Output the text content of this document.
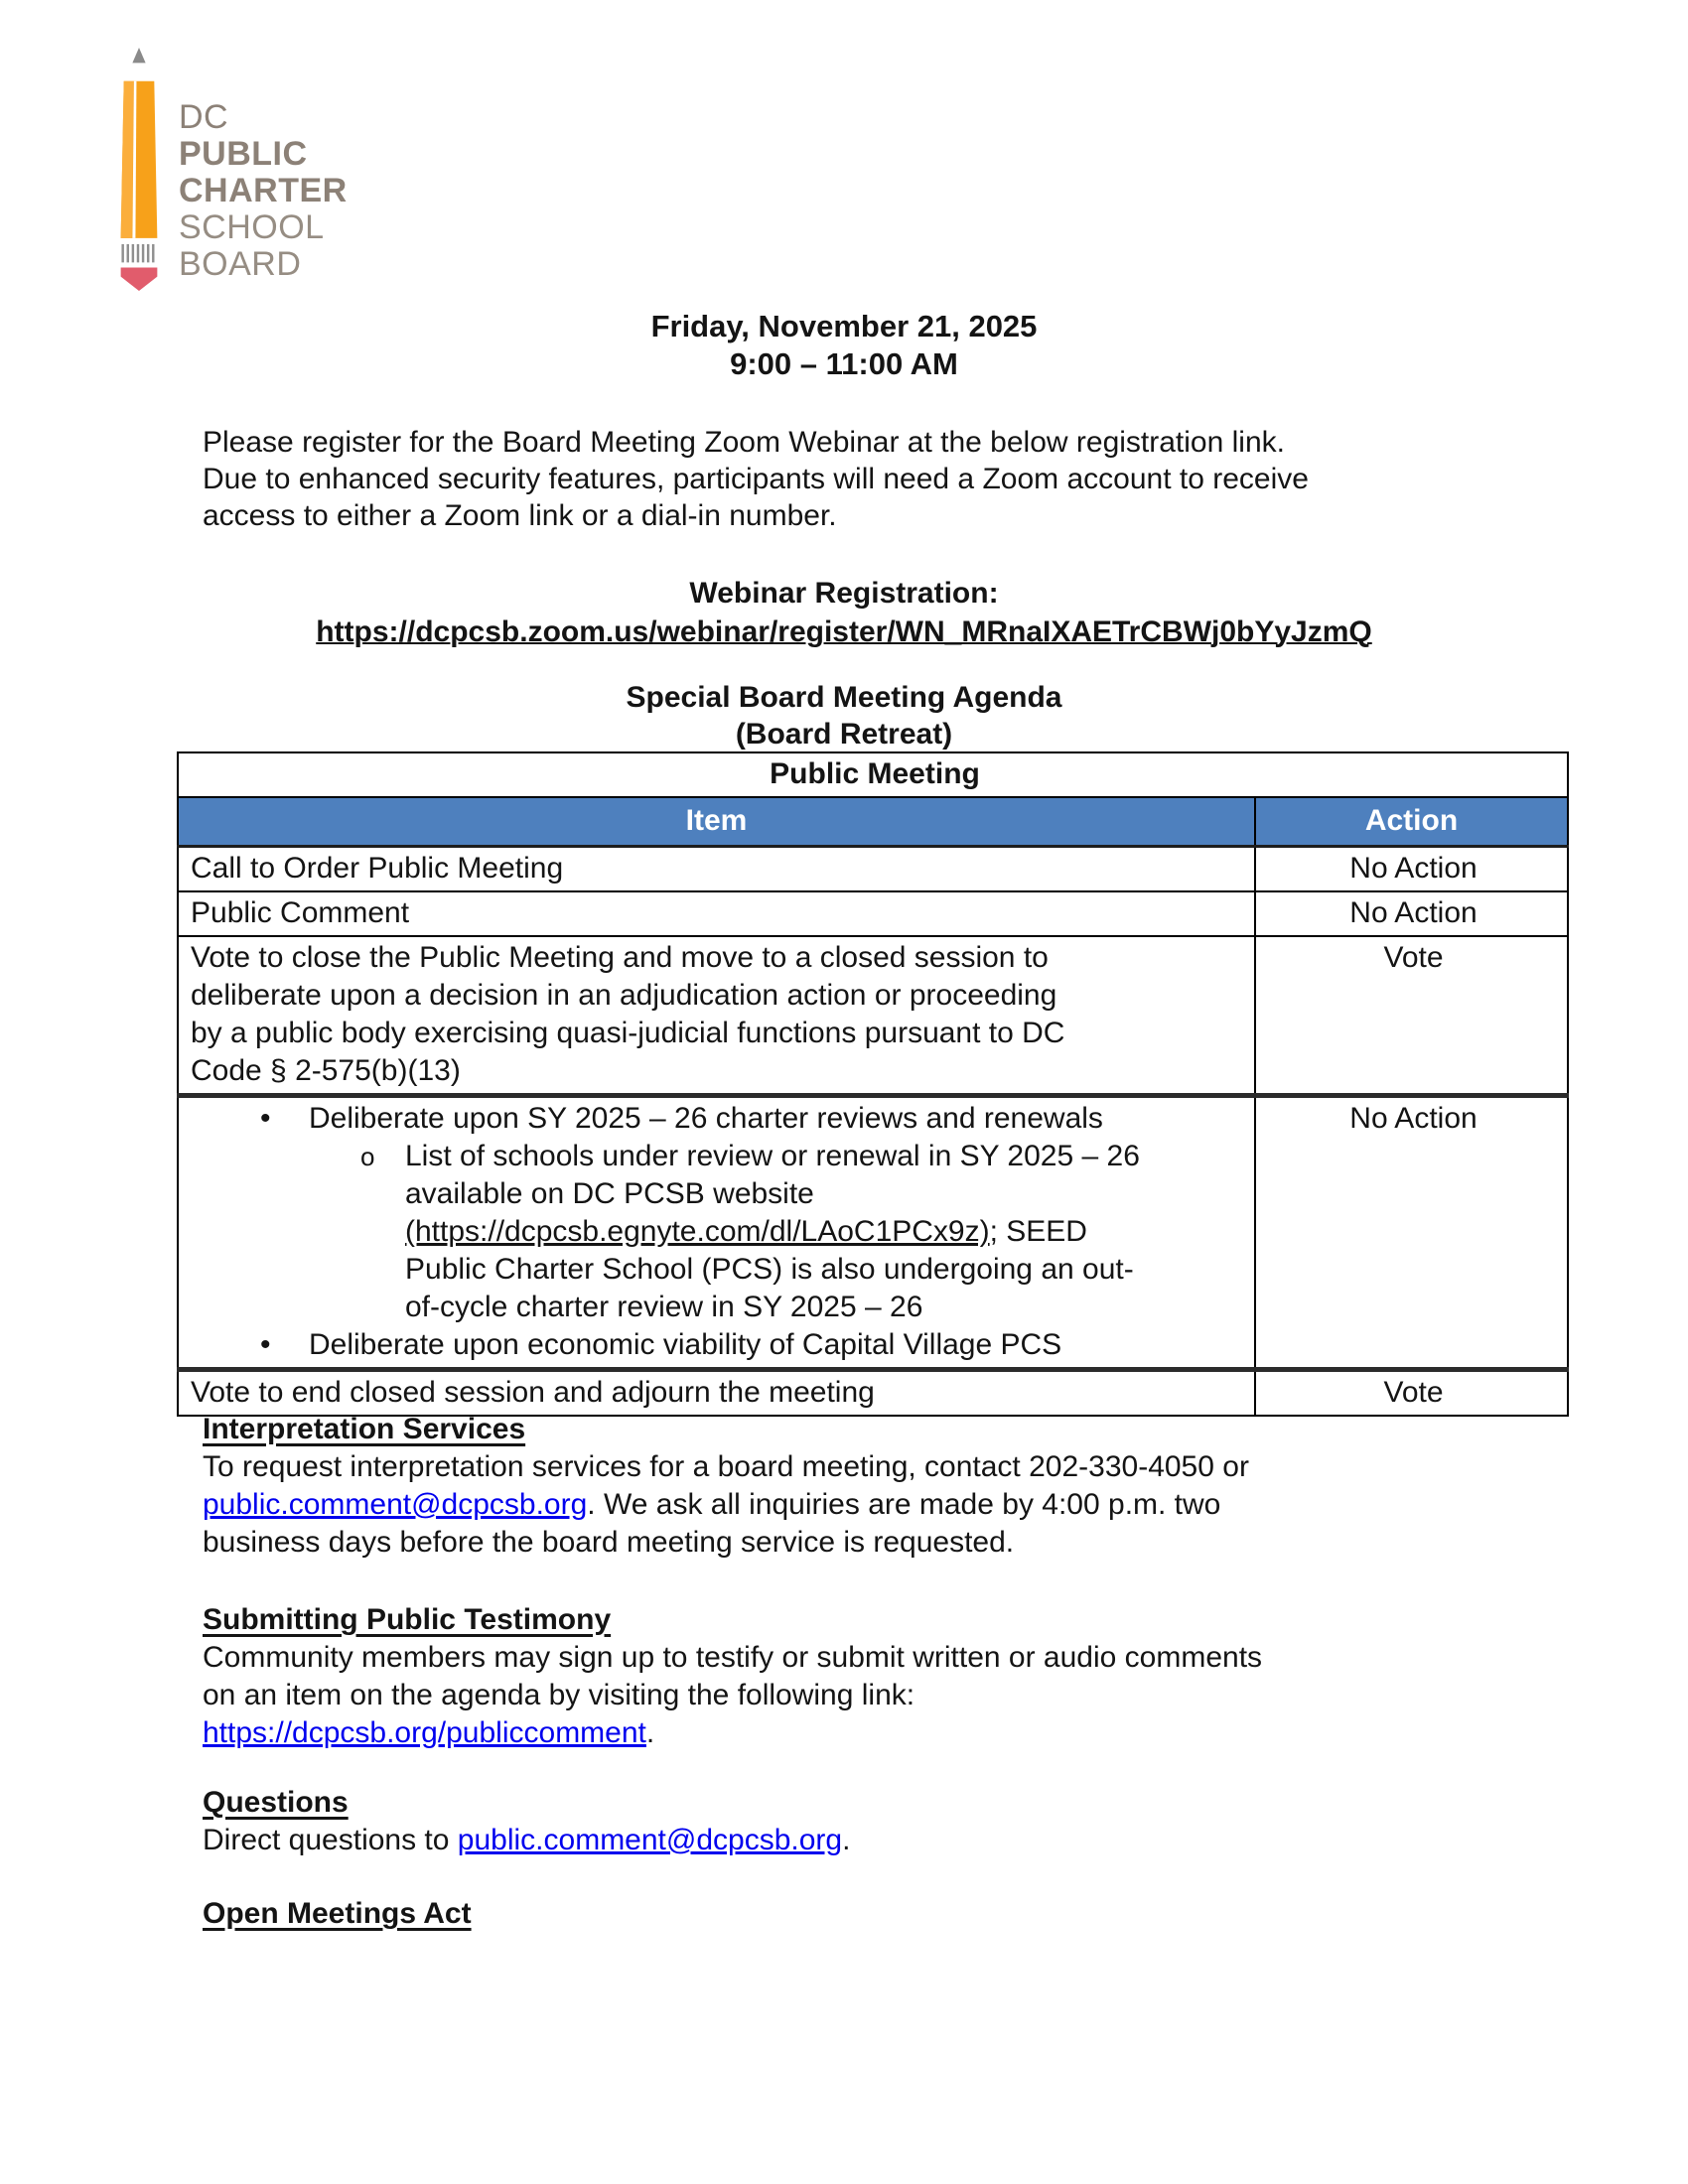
DC
PUBLIC
CHARTER
SCHOOL
BOARD
Friday, November 21, 2025
9:00 – 11:00 AM
Please register for the Board Meeting Zoom Webinar at the below registration link.
Due to enhanced security features, participants will need a Zoom account to receive
access to either a Zoom link or a dial-in number.
Webinar Registration:
https://dcpcsb.zoom.us/webinar/register/WN_MRnaIXAETrCBWj0bYyJzmQ
Special Board Meeting Agenda
(Board Retreat)
Public Meeting	
Item	Action
Call to Order Public Meeting	No Action
Public Comment	No Action

Vote to close the Public Meeting and move to a closed session to
deliberate upon a decision in an adjudication action or proceeding
by a public body exercising quasi-judicial functions pursuant to DC
Code § 2-575(b)(13)	Vote

• Deliberate upon SY 2025 – 26 charter reviews and renewals
o List of schools under review or renewal in SY 2025 – 26
available on DC PCSB website
(https://dcpcsb.egnyte.com/dl/LAoC1PCx9z); SEED
Public Charter School (PCS) is also undergoing an out-
of-cycle charter review in SY 2025 – 26
• Deliberate upon economic viability of Capital Village PCS
	No Action
Vote to end closed session and adjourn the meeting	Vote
Interpretation Services
To request interpretation services for a board meeting, contact 202-330-4050 or
public.comment@dcpcsb.org. We ask all inquiries are made by 4:00 p.m. two
business days before the board meeting service is requested.
Submitting Public Testimony
Community members may sign up to testify or submit written or audio comments
on an item on the agenda by visiting the following link:
https://dcpcsb.org/publiccomment.
Questions
Direct questions to public.comment@dcpcsb.org.
Open Meetings Act
